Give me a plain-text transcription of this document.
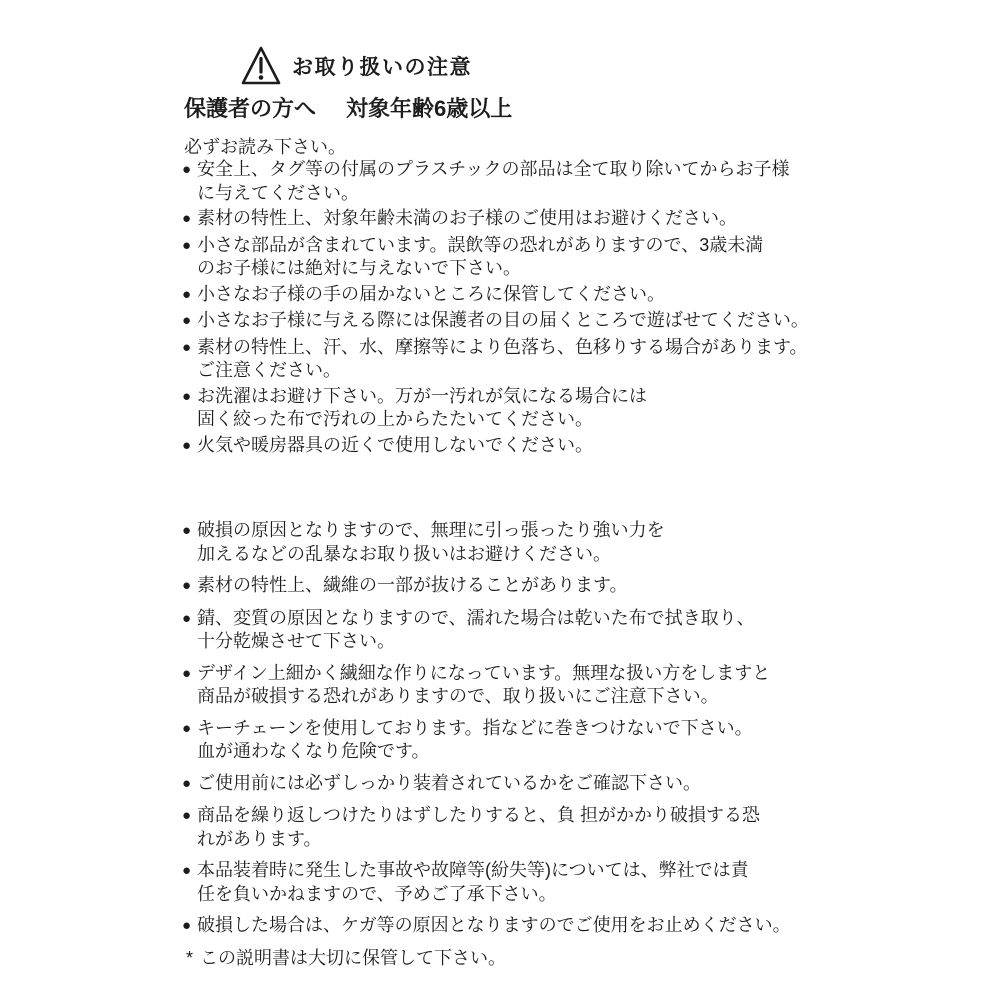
お取り扱いの注意
保護者の方へ 対象年齢6歳以上
必ずお読み下さい。
● 安全上、タグ等の付属のプラスチックの部品は全て取り除いてからお子様
に与えてください。
● 素材の特性上、対象年齢未満のお子様のご使用はお避けください。
● 小さな部品が含まれています。誤飲等の恐れがありますので、3歳未満
のお子様には絶対に与えないで下さい。
● 小さなお子様の手の届かないところに保管してください。
● 小さなお子様に与える際には保護者の目の届くところで遊ばせてください。
● 素材の特性上、汗、水、摩擦等により色落ち、色移りする場合があります。
ご注意ください。
● お洗濯はお避け下さい。万が一汚れが気になる場合には
固く絞った布で汚れの上からたたいてください。
● 火気や暖房器具の近くで使用しないでください。
● 破損の原因となりますので、無理に引っ張ったり強い力を
加えるなどの乱暴なお取り扱いはお避けください。
● 素材の特性上、繊維の一部が抜けることがあります。
● 錆、変質の原因となりますので、濡れた場合は乾いた布で拭き取り、
十分乾燥させて下さい。
● デザイン上細かく繊細な作りになっています。無理な扱い方をしますと
商品が破損する恐れがありますので、取り扱いにご注意下さい。
● キーチェーンを使用しております。指などに巻きつけないで下さい。
血が通わなくなり危険です。
● ご使用前には必ずしっかり装着されているかをご確認下さい。
● 商品を繰り返しつけたりはずしたりすると、負 担がかかり破損する恐
れがあります。
● 本品装着時に発生した事故や故障等(紛失等)については、弊社では責
任を負いかねますので、予めご了承下さい。
● 破損した場合は、ケガ等の原因となりますのでご使用をお止めください。
* この説明書は大切に保管して下さい。
